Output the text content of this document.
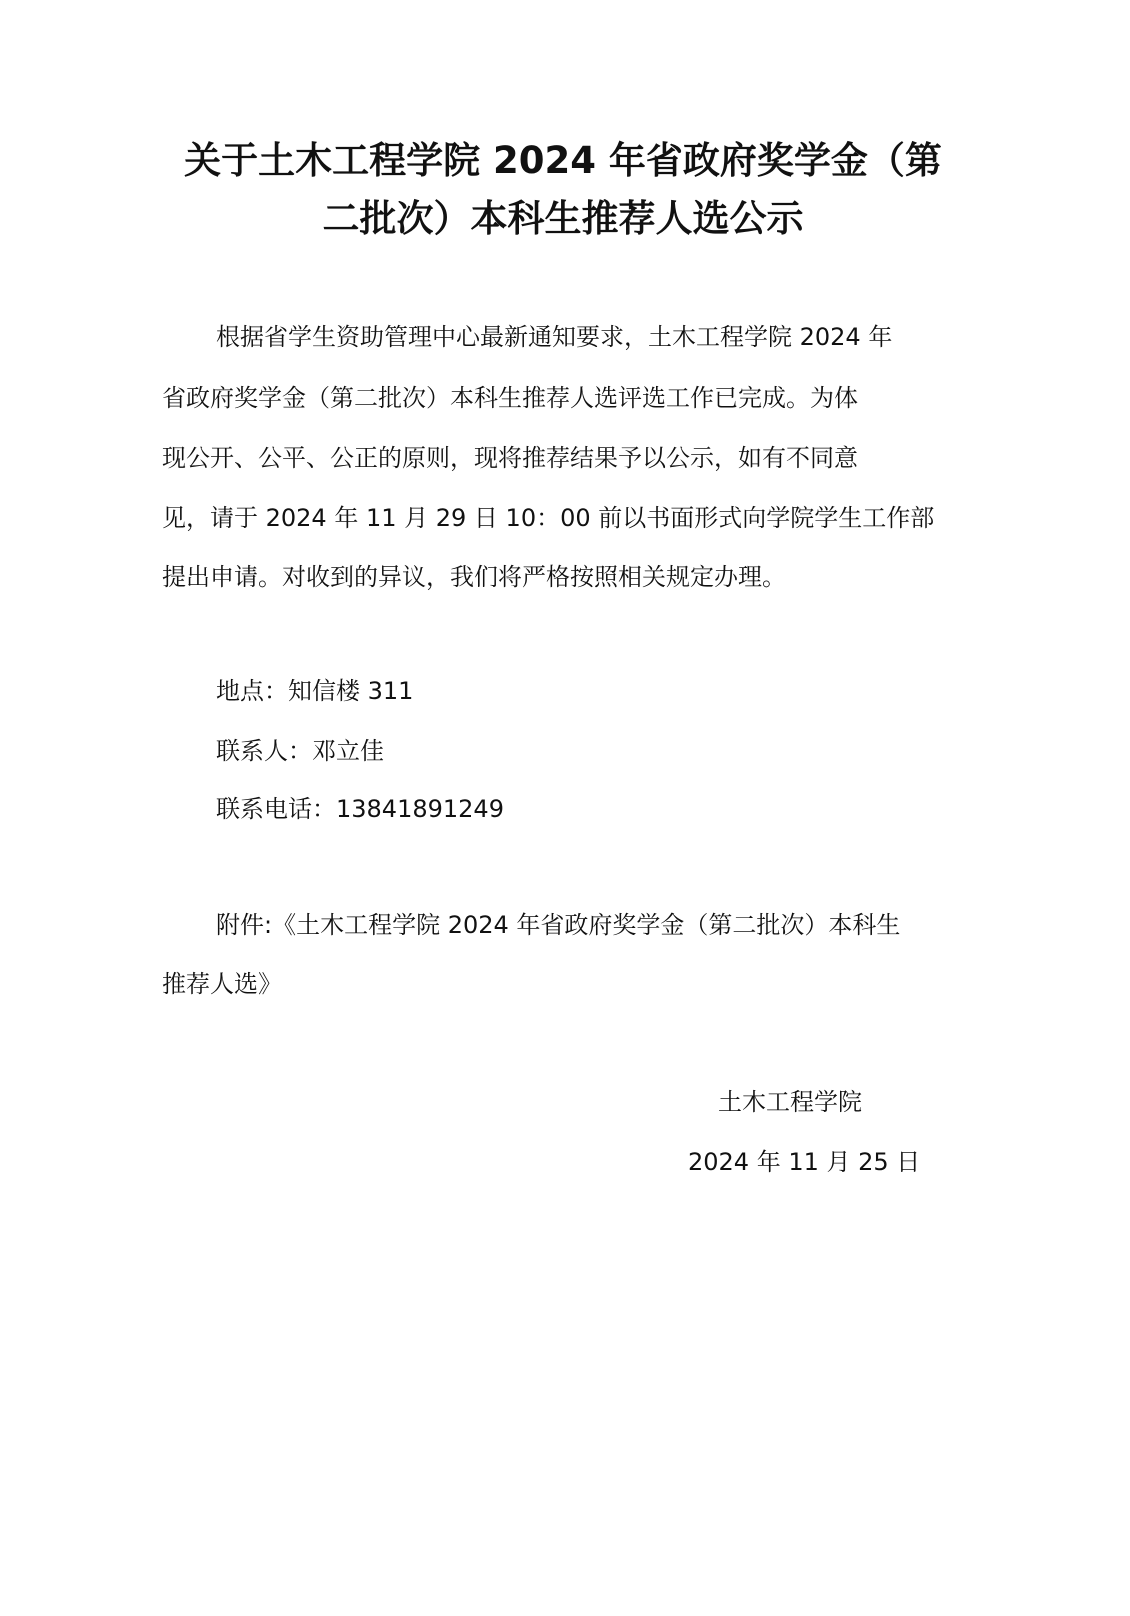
关于土木工程学院 2024 年省政府奖学金（第
二批次）本科生推荐人选公示

根据省学生资助管理中心最新通知要求，土木工程学院 2024 年

省政府奖学金（第二批次）本科生推荐人选评选工作已完成。为体

现公开、公平、公正的原则，现将推荐结果予以公示，如有不同意

见，请于 2024 年 11 月 29 日 10：00 前以书面形式向学院学生工作部

提出申请。对收到的异议，我们将严格按照相关规定办理。

地点：知信楼 311

联系人：邓立佳

联系电话：13841891249

附件:《土木工程学院 2024 年省政府奖学金（第二批次）本科生

推荐人选》

土木工程学院

2024 年 11 月 25 日
